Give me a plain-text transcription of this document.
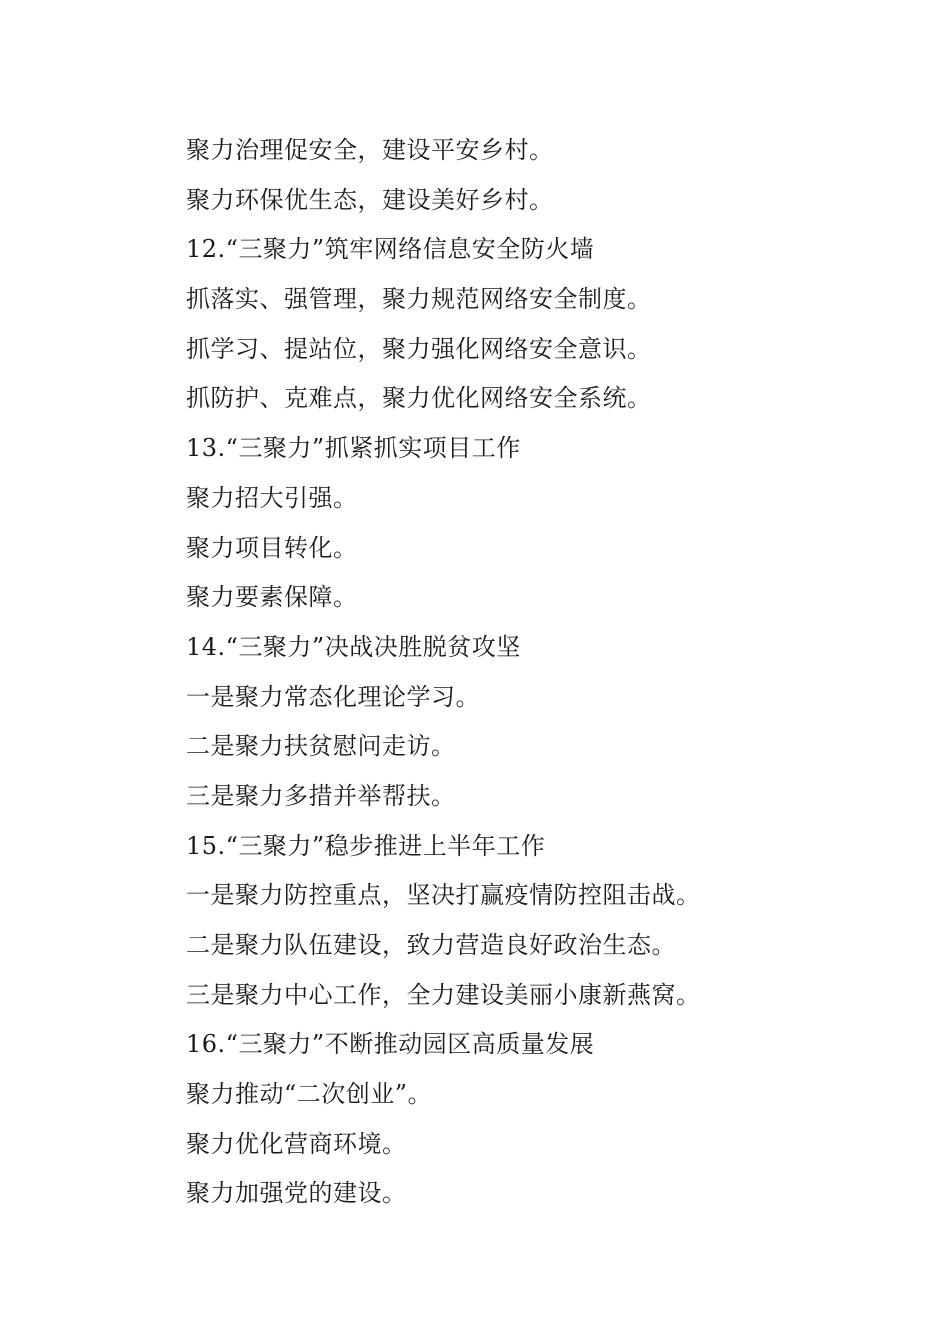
聚力治理促安全，建设平安乡村。
聚力环保优生态，建设美好乡村。
12.“三聚力”筑牢网络信息安全防火墙
抓落实、强管理，聚力规范网络安全制度。
抓学习、提站位，聚力强化网络安全意识。
抓防护、克难点，聚力优化网络安全系统。
13.“三聚力”抓紧抓实项目工作
聚力招大引强。
聚力项目转化。
聚力要素保障。
14.“三聚力”决战决胜脱贫攻坚
一是聚力常态化理论学习。
二是聚力扶贫慰问走访。
三是聚力多措并举帮扶。
15.“三聚力”稳步推进上半年工作
一是聚力防控重点，坚决打赢疫情防控阻击战。
二是聚力队伍建设，致力营造良好政治生态。
三是聚力中心工作，全力建设美丽小康新燕窝。
16.“三聚力”不断推动园区高质量发展
聚力推动“二次创业”。
聚力优化营商环境。
聚力加强党的建设。
